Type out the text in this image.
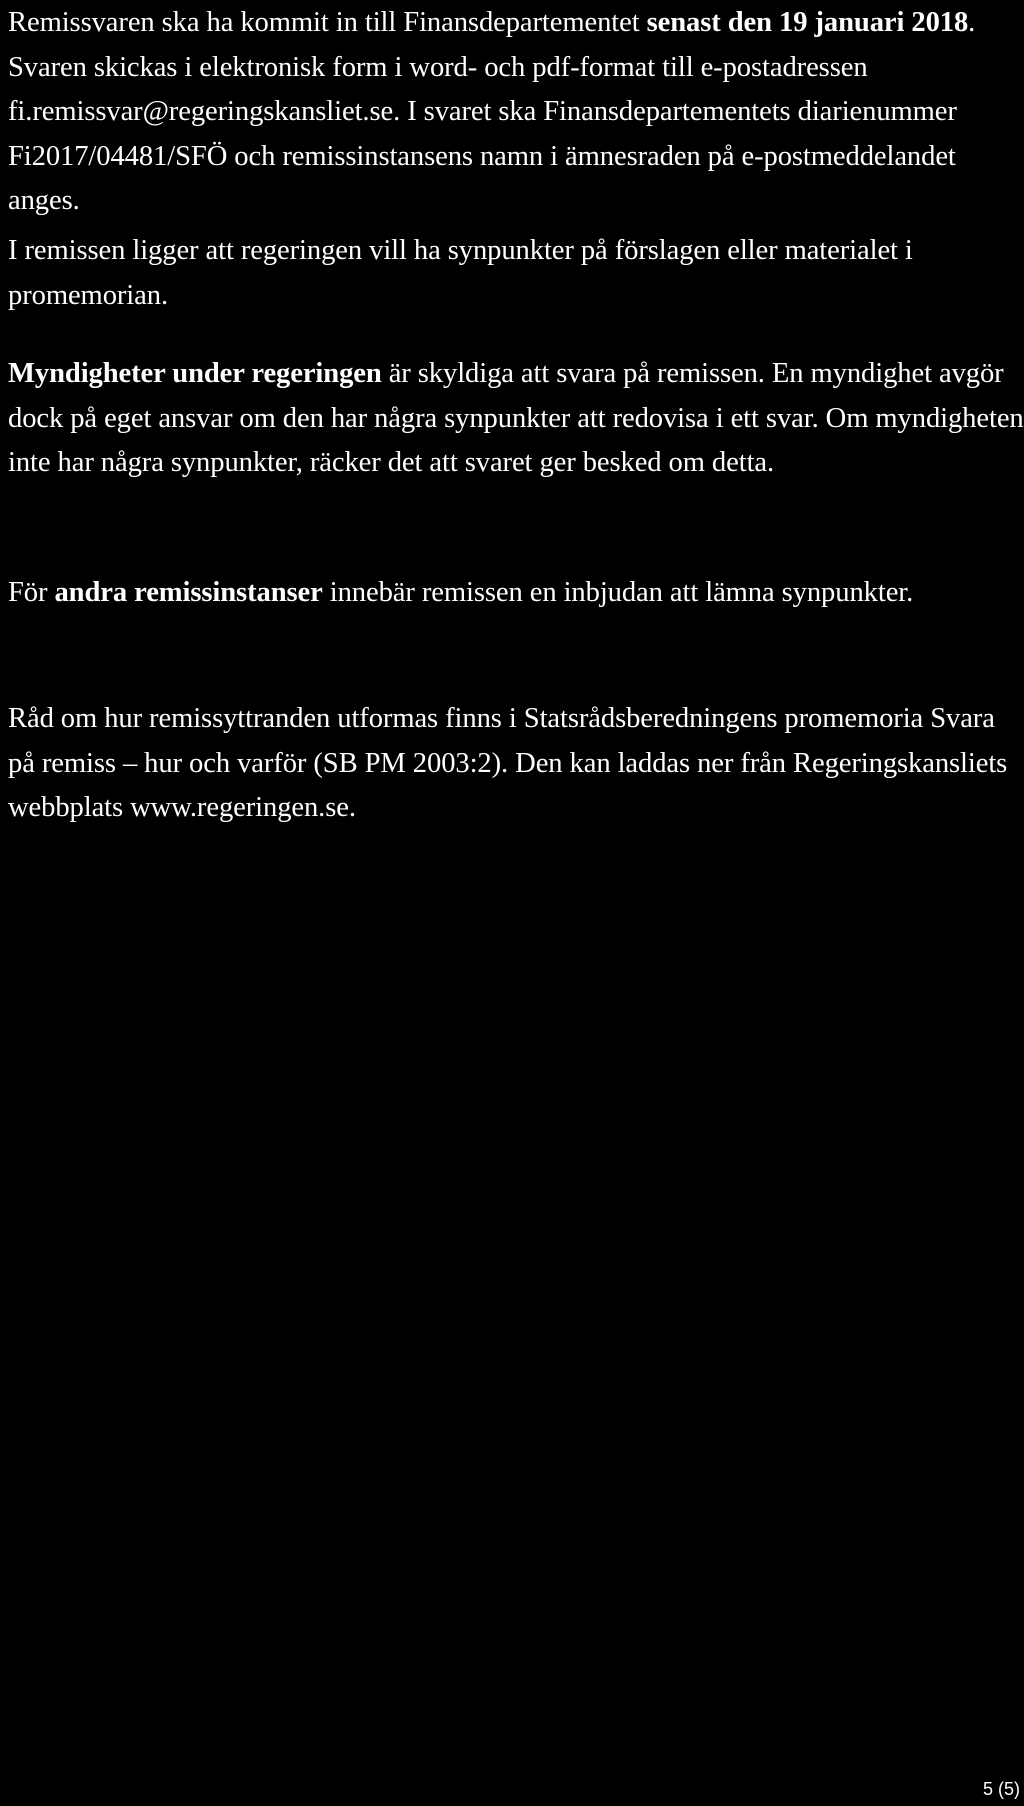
Remissvaren ska ha kommit in till Finansdepartementet senast den 19 januari 2018. Svaren skickas i elektronisk form i word- och pdf-format till e-postadressen fi.remissvar@regeringskansliet.se. I svaret ska Finansdepartementets diarienummer Fi2017/04481/SFÖ och remissinstansens namn i ämnesraden på e-postmeddelandet anges.

I remissen ligger att regeringen vill ha synpunkter på förslagen eller materialet i promemorian.

Myndigheter under regeringen är skyldiga att svara på remissen. En myndighet avgör dock på eget ansvar om den har några synpunkter att redovisa i ett svar. Om myndigheten inte har några synpunkter, räcker det att svaret ger besked om detta.

För andra remissinstanser innebär remissen en inbjudan att lämna synpunkter.

Råd om hur remissyttranden utformas finns i Statsrådsberedningens promemoria Svara på remiss – hur och varför (SB PM 2003:2). Den kan laddas ner från Regeringskansliets webbplats www.regeringen.se.

5 (5)
